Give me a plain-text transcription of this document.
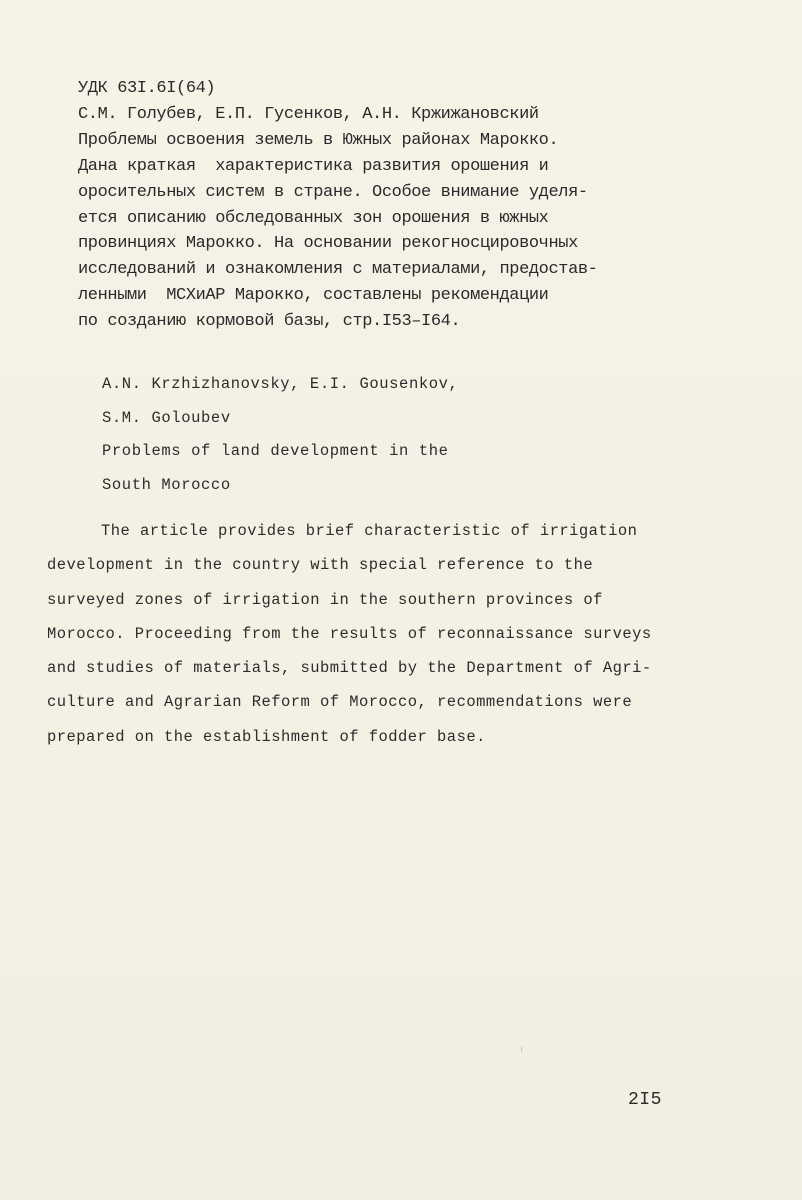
УДК 63I.6I(64)
С.М. Голубев, Е.П. Гусенков, А.Н. Кржижановский
Проблемы освоения земель в Южных районах Марокко.
Дана краткая  характеристика развития орошения и
оросительных систем в стране. Особое внимание уделя-
ется описанию обследованных зон орошения в южных
провинциях Марокко. На основании рекогносцировочных
исследований и ознакомления с материалами, предостав-
ленными  МСХиАР Марокко, составлены рекомендации
по созданию кормовой базы, стр.I53–I64.
A.N. Krzhizhanovsky, E.I. Gousenkov,
S.M. Goloubev
Problems of land development in the
South Morocco
The article provides brief characteristic of irrigation
development in the country with special reference to the
surveyed zones of irrigation in the southern provinces of
Morocco. Proceeding from the results of reconnaissance surveys
and studies of materials, submitted by the Department of Agri-
culture and Agrarian Reform of Morocco, recommendations were
prepared on the establishment of fodder base.
2I5
